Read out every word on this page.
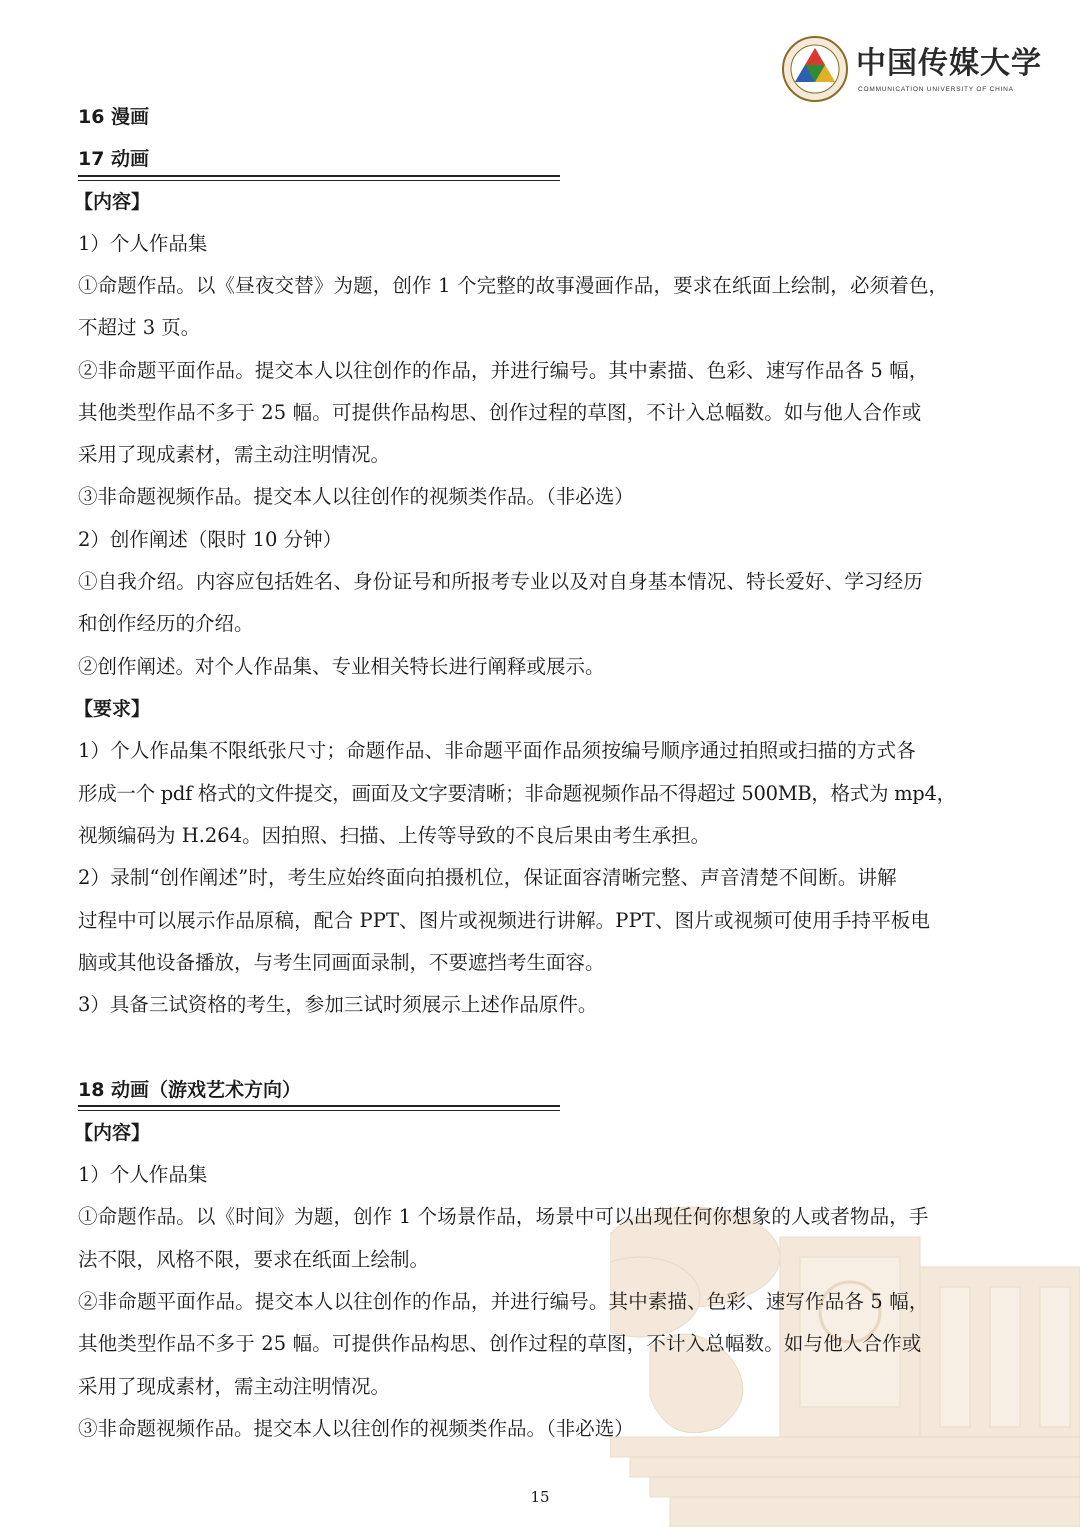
中国传媒大学
COMMUNICATION UNIVERSITY OF CHINA
16 漫画
17 动画
【内容】
1）个人作品集
①命题作品。以《昼夜交替》为题，创作 1 个完整的故事漫画作品，要求在纸面上绘制，必须着色，
不超过 3 页。
②非命题平面作品。提交本人以往创作的作品，并进行编号。其中素描、色彩、速写作品各 5 幅，
其他类型作品不多于 25 幅。可提供作品构思、创作过程的草图，不计入总幅数。如与他人合作或
采用了现成素材，需主动注明情况。
③非命题视频作品。提交本人以往创作的视频类作品。（非必选）
2）创作阐述（限时 10 分钟）
①自我介绍。内容应包括姓名、身份证号和所报考专业以及对自身基本情况、特长爱好、学习经历
和创作经历的介绍。
②创作阐述。对个人作品集、专业相关特长进行阐释或展示。
【要求】
1）个人作品集不限纸张尺寸；命题作品、非命题平面作品须按编号顺序通过拍照或扫描的方式各
形成一个 pdf 格式的文件提交，画面及文字要清晰；非命题视频作品不得超过 500MB，格式为 mp4，
视频编码为 H.264。因拍照、扫描、上传等导致的不良后果由考生承担。
2）录制“创作阐述”时，考生应始终面向拍摄机位，保证面容清晰完整、声音清楚不间断。讲解
过程中可以展示作品原稿，配合 PPT、图片或视频进行讲解。PPT、图片或视频可使用手持平板电
脑或其他设备播放，与考生同画面录制，不要遮挡考生面容。
3）具备三试资格的考生，参加三试时须展示上述作品原件。
18 动画（游戏艺术方向）
【内容】
1）个人作品集
①命题作品。以《时间》为题，创作 1 个场景作品，场景中可以出现任何你想象的人或者物品，手
法不限，风格不限，要求在纸面上绘制。
②非命题平面作品。提交本人以往创作的作品，并进行编号。其中素描、色彩、速写作品各 5 幅，
其他类型作品不多于 25 幅。可提供作品构思、创作过程的草图，不计入总幅数。如与他人合作或
采用了现成素材，需主动注明情况。
③非命题视频作品。提交本人以往创作的视频类作品。（非必选）
15
